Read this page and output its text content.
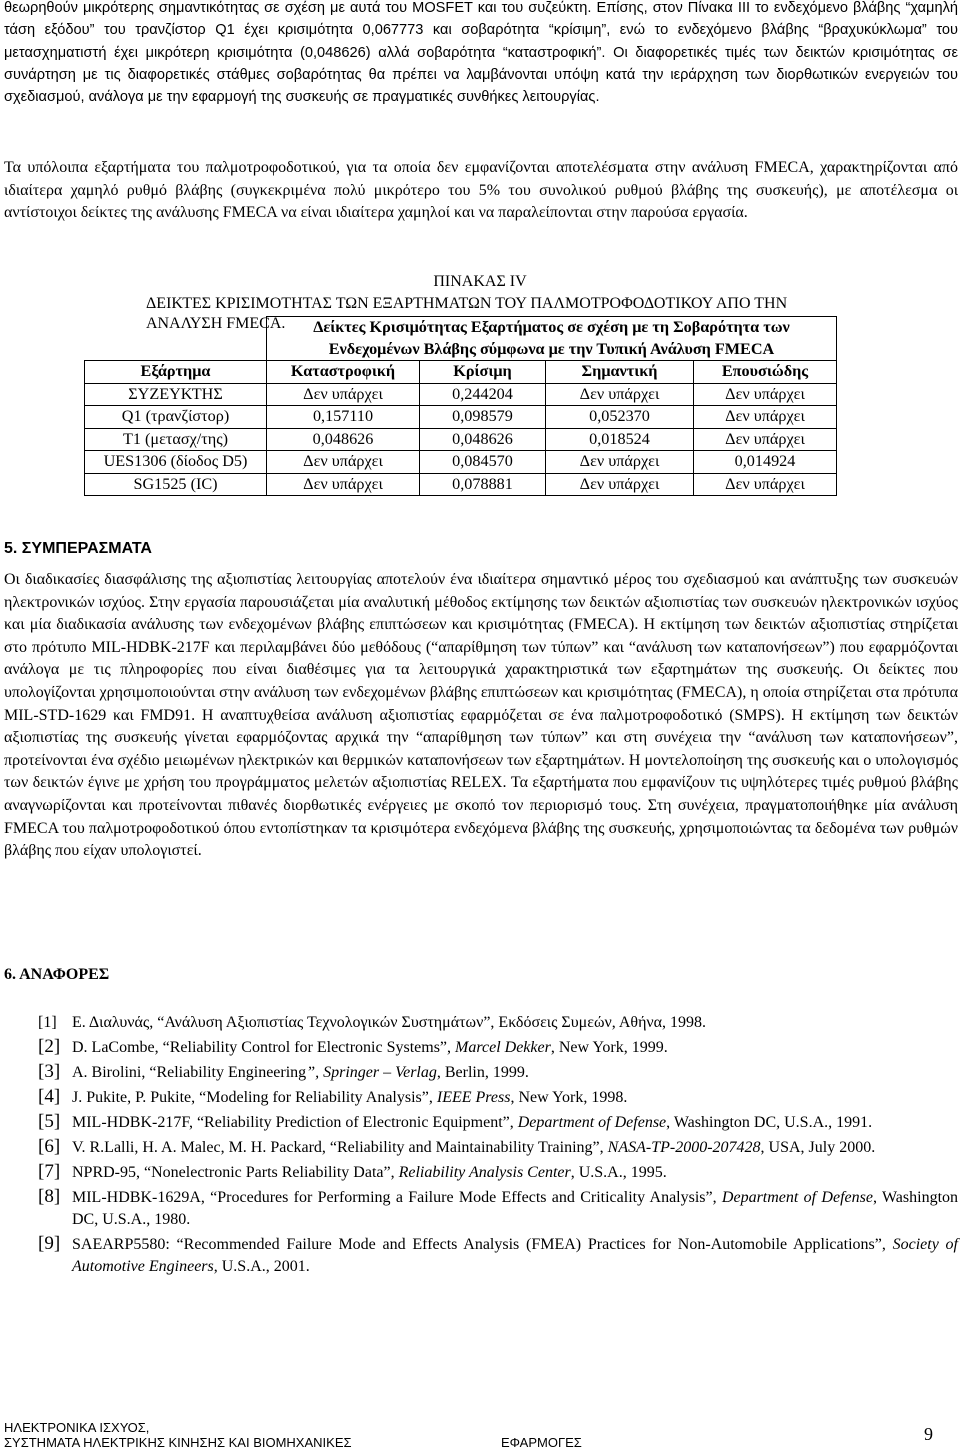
θεωρηθούν μικρότερης σημαντικότητας σε σχέση με αυτά του MOSFET και του συζεύκτη. Επίσης, στον Πίνακα ΙΙΙ το ενδεχόμενο βλάβης “χαμηλή τάση εξόδου” του τρανζίστορ Q1 έχει κρισιμότητα 0,067773 και σοβαρότητα “κρίσιμη”, ενώ το ενδεχόμενο βλάβης “βραχυκύκλωμα” του μετασχηματιστή έχει μικρότερη κρισιμότητα (0,048626) αλλά σοβαρότητα “καταστροφική”. Οι διαφορετικές τιμές των δεικτών κρισιμότητας σε συνάρτηση με τις διαφορετικές στάθμες σοβαρότητας θα πρέπει να λαμβάνονται υπόψη κατά την ιεράρχηση των διορθωτικών ενεργειών του σχεδιασμού, ανάλογα με την εφαρμογή της συσκευής σε πραγματικές συνθήκες λειτουργίας.

Τα υπόλοιπα εξαρτήματα του παλμοτροφοδοτικού, για τα οποία δεν εμφανίζονται αποτελέσματα στην ανάλυση FMECA, χαρακτηρίζονται από ιδιαίτερα χαμηλό ρυθμό βλάβης (συγκεκριμένα πολύ μικρότερο του 5% του συνολικού ρυθμού βλάβης της συσκευής), με αποτέλεσμα οι αντίστοιχοι δείκτες της ανάλυσης FMECA να είναι ιδιαίτερα χαμηλοί και να παραλείπονται στην παρούσα εργασία.

ΠΙΝΑΚΑΣ IV

ΔΕΙΚΤΕΣ ΚΡΙΣΙΜΟΤΗΤΑΣ ΤΩΝ ΕΞΑΡΤΗΜΑΤΩΝ ΤΟΥ ΠΑΛΜΟΤΡΟΦΟΔΟΤΙΚΟΥ ΑΠΟ ΤΗΝ ΑΝΑΛΥΣΗ FMECA.

	Δείκτες Κρισιμότητας Εξαρτήματος σε σχέση με τη Σοβαρότητα των
Ενδεχομένων Βλάβης σύμφωνα με την Τυπική Ανάλυση FMECA			

Εξάρτημα	Καταστροφική	Κρίσιμη	Σημαντική	Επουσιώδης
ΣΥΖΕΥΚΤΗΣ	Δεν υπάρχει	0,244204	Δεν υπάρχει	Δεν υπάρχει
Q1 (τρανζίστορ)	0,157110	0,098579	0,052370	Δεν υπάρχει
T1 (μετασχ/της)	0,048626	0,048626	0,018524	Δεν υπάρχει
UES1306 (δίοδος D5)	Δεν υπάρχει	0,084570	Δεν υπάρχει	0,014924
SG1525 (IC)	Δεν υπάρχει	0,078881	Δεν υπάρχει	Δεν υπάρχει

5. ΣΥΜΠΕΡΑΣΜΑΤΑ

Οι διαδικασίες διασφάλισης της αξιοπιστίας λειτουργίας αποτελούν ένα ιδιαίτερα σημαντικό μέρος του σχεδιασμού και ανάπτυξης των συσκευών ηλεκτρονικών ισχύος. Στην εργασία παρουσιάζεται μία αναλυτική μέθοδος εκτίμησης των δεικτών αξιοπιστίας των συσκευών ηλεκτρονικών ισχύος και μία διαδικασία ανάλυσης των ενδεχομένων βλάβης επιπτώσεων και κρισιμότητας (FMECA). Η εκτίμηση των δεικτών αξιοπιστίας στηρίζεται στο πρότυπο MIL-HDBK-217F και περιλαμβάνει δύο μεθόδους (“απαρίθμηση των τύπων” και “ανάλυση των καταπονήσεων”) που εφαρμόζονται ανάλογα με τις πληροφορίες που είναι διαθέσιμες για τα λειτουργικά χαρακτηριστικά των εξαρτημάτων της συσκευής. Οι δείκτες που υπολογίζονται χρησιμοποιούνται στην ανάλυση των ενδεχομένων βλάβης επιπτώσεων και κρισιμότητας (FMECA), η οποία στηρίζεται στα πρότυπα MIL-STD-1629 και FMD91. Η αναπτυχθείσα ανάλυση αξιοπιστίας εφαρμόζεται σε ένα παλμοτροφοδοτικό (SMPS). Η εκτίμηση των δεικτών αξιοπιστίας της συσκευής γίνεται εφαρμόζοντας αρχικά την “απαρίθμηση των τύπων” και στη συνέχεια την “ανάλυση των καταπονήσεων”, προτείνονται ένα σχέδιο μειωμένων ηλεκτρικών και θερμικών καταπονήσεων των εξαρτημάτων. Η μοντελοποίηση της συσκευής και ο υπολογισμός των δεικτών έγινε με χρήση του προγράμματος μελετών αξιοπιστίας RELEX. Τα εξαρτήματα που εμφανίζουν τις υψηλότερες τιμές ρυθμού βλάβης αναγνωρίζονται και προτείνονται πιθανές διορθωτικές ενέργειες με σκοπό τον περιορισμό τους. Στη συνέχεια, πραγματοποιήθηκε μία ανάλυση FMECA του παλμοτροφοδοτικού όπου εντοπίστηκαν τα κρισιμότερα ενδεχόμενα βλάβης της συσκευής, χρησιμοποιώντας τα δεδομένα των ρυθμών βλάβης που είχαν υπολογιστεί.

6. ΑΝΑΦΟΡΕΣ

[1] Ε. Διαλυνάς, “Ανάλυση Αξιοπιστίας Τεχνολογικών Συστημάτων”, Εκδόσεις Συμεών, Αθήνα, 1998.
[2] D. LaCombe, “Reliability Control for Electronic Systems”, Marcel Dekker, New York, 1999.
[3] A. Birolini, “Reliability Engineering”, Springer – Verlag, Berlin, 1999.
[4] J. Pukite, P. Pukite, “Modeling for Reliability Analysis”, IEEE Press, New York, 1998.
[5] MIL-HDBK-217F, “Reliability Prediction of Electronic Equipment”, Department of Defense, Washington DC, U.S.A., 1991.
[6] V. R.Lalli, H. A. Malec, M. H. Packard, “Reliability and Maintainability Training”, NASA-TP-2000-207428, USA, July 2000.
[7] NPRD-95, “Nonelectronic Parts Reliability Data”, Reliability Analysis Center, U.S.A., 1995.
[8] MIL-HDBK-1629A, “Procedures for Performing a Failure Mode Effects and Criticality Analysis”, Department of Defense, Washington DC, U.S.A., 1980.
[9] SAEARP5580: “Recommended Failure Mode and Effects Analysis (FMEA) Practices for Non-Automobile Applications”, Society of Automotive Engineers, U.S.A., 2001.
ΗΛΕΚΤΡΟΝΙΚΑ ΙΣΧΥΟΣ,
ΣΥΣΤΗΜΑΤΑ ΗΛΕΚΤΡΙΚΗΣ ΚΙΝΗΣΗΣ ΚΑΙ ΒΙΟΜΗΧΑΝΙΚΕΣ	ΕΦΑΡΜΟΓΕΣ	9
